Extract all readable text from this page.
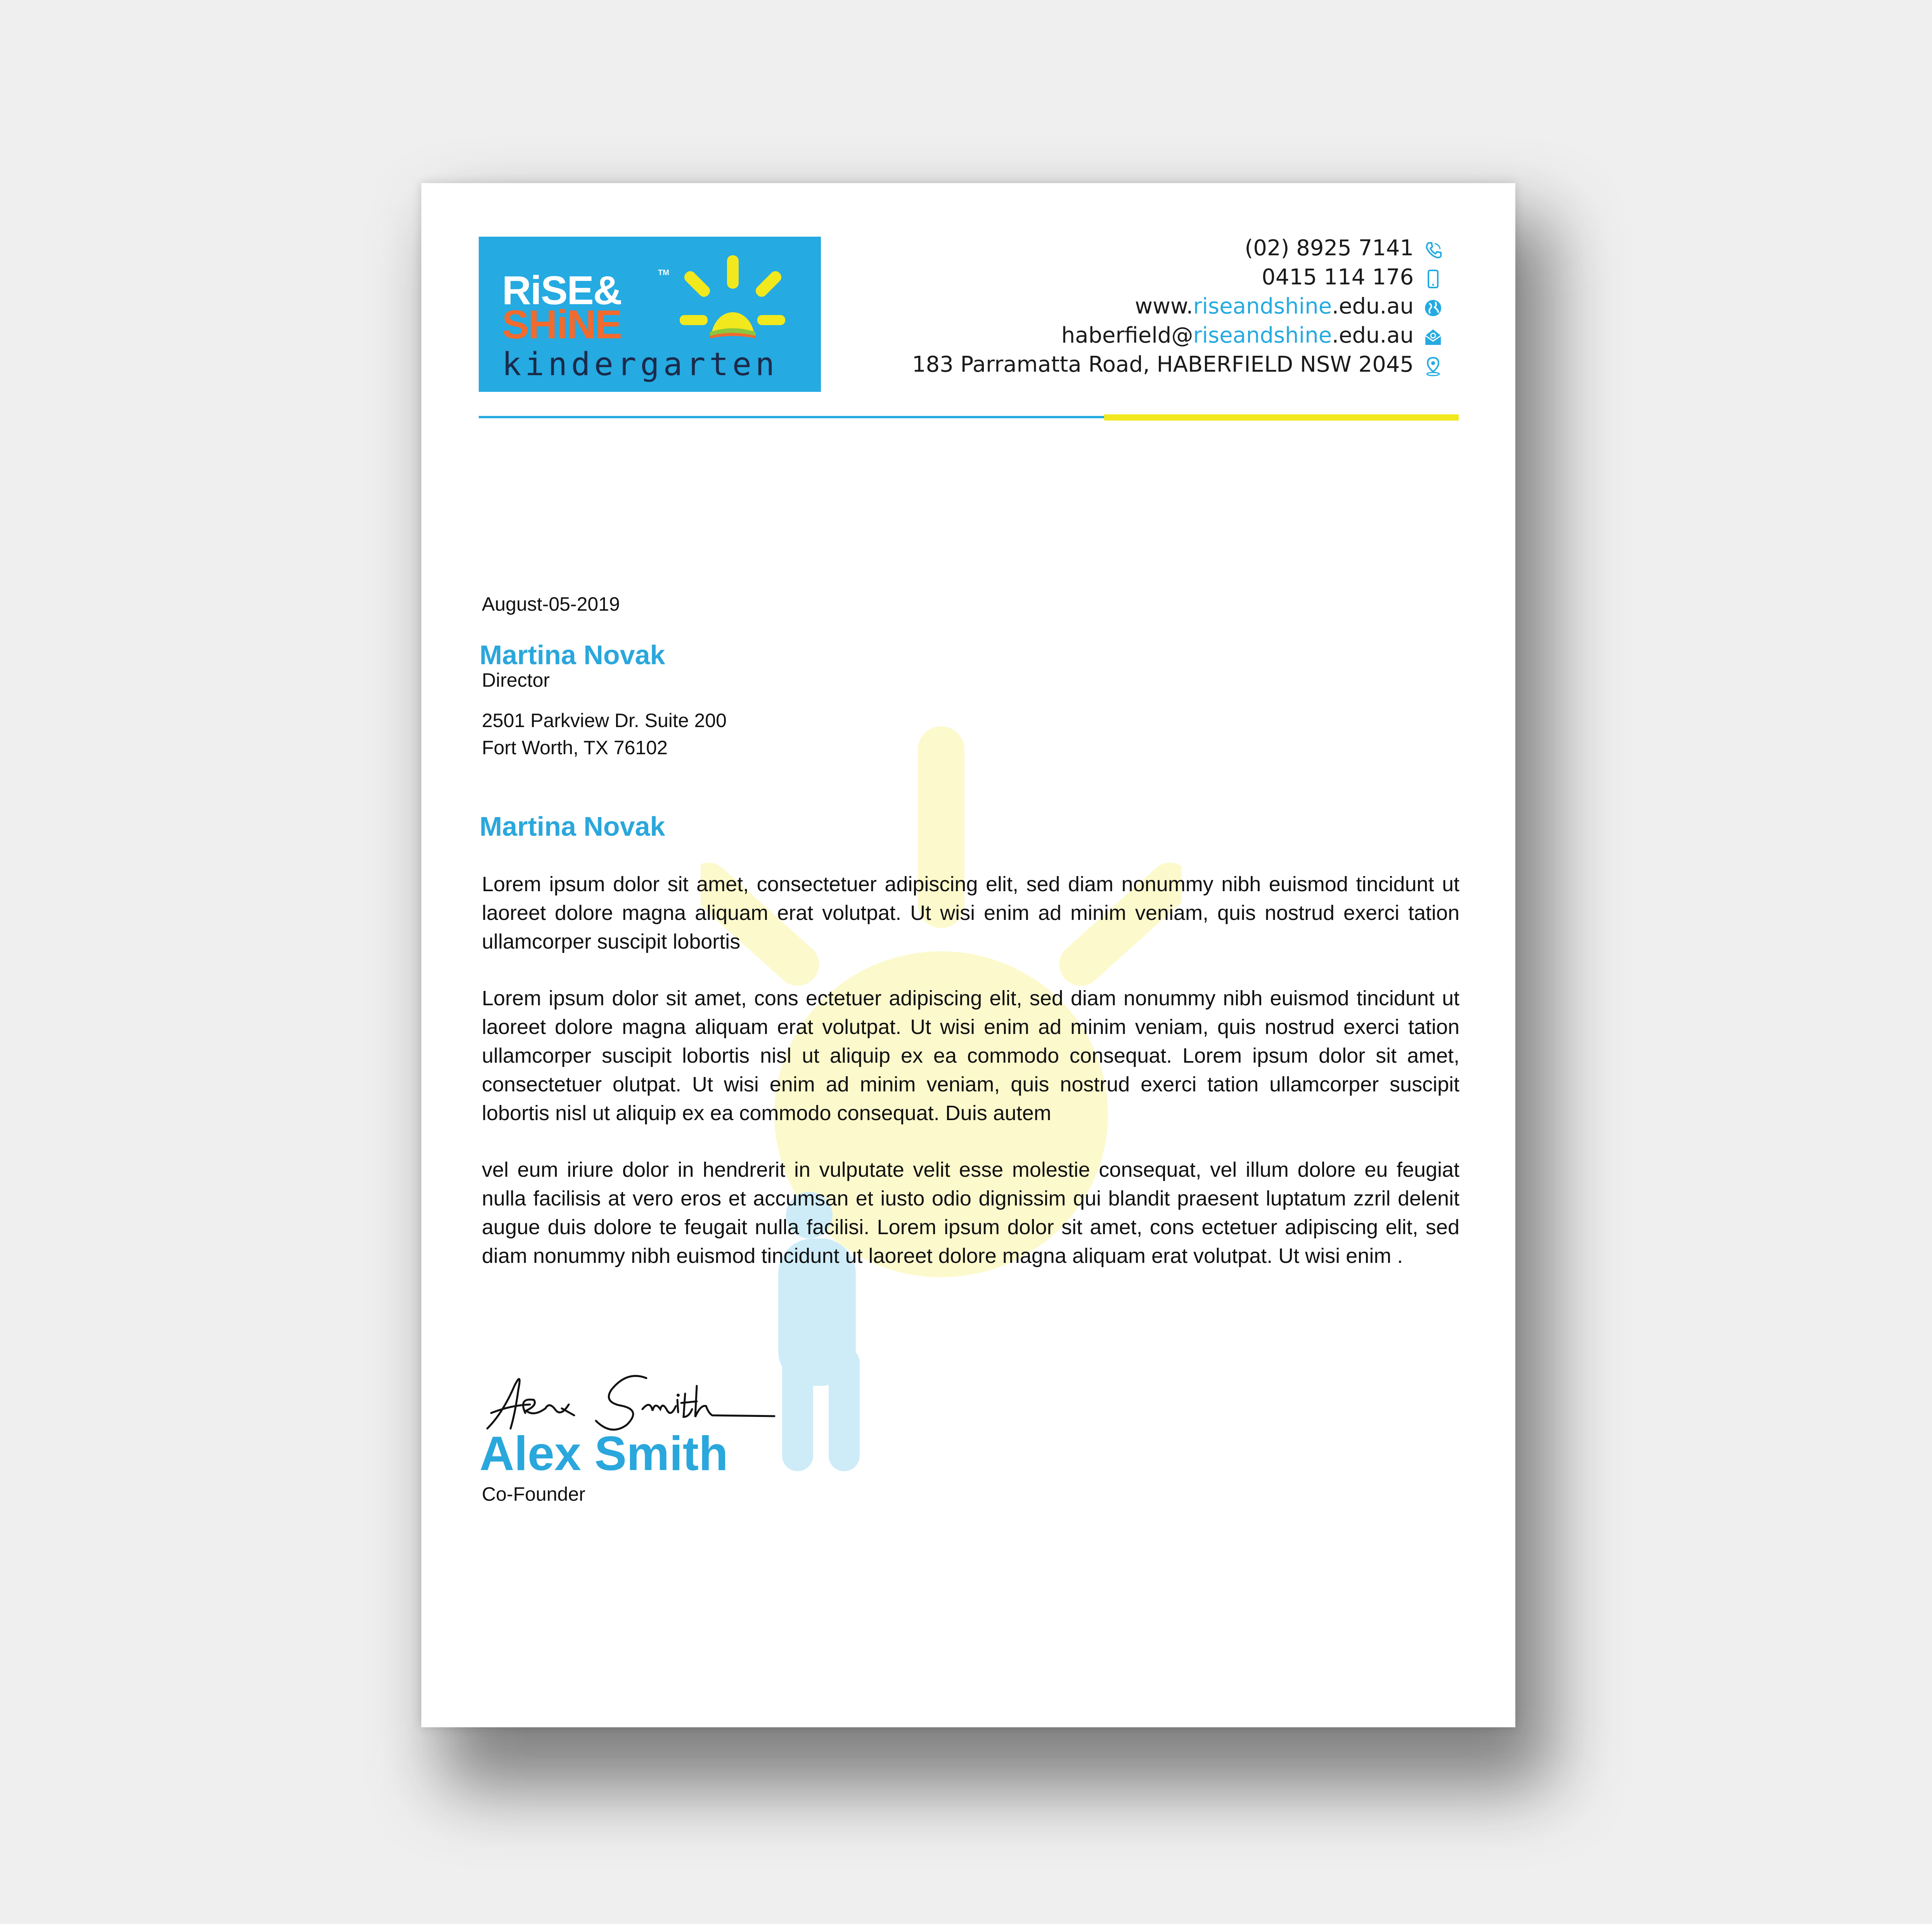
RiSE&	TM
SHiNE
kindergarten
(02) 8925 7141
0415 114 176
www.riseandshine.edu.au
haberfield@riseandshine.edu.au
183 Parramatta Road, HABERFIELD NSW 2045
August-05-2019
Martina Novak
Director
2501 Parkview Dr. Suite 200
Fort Worth, TX 76102
Martina Novak
Lorem ipsum dolor sit amet, consectetuer adipiscing elit, sed diam nonummy nibh euismod tincidunt ut laoreet dolore magna aliquam erat volutpat. Ut wisi enim ad minim veniam, quis nostrud exerci tation ullamcorper suscipit lobortis
Lorem ipsum dolor sit amet, cons ectetuer adipiscing elit, sed diam nonummy nibh euismod tincidunt ut laoreet dolore magna aliquam erat volutpat. Ut wisi enim ad minim veniam, quis nostrud exerci tation ullamcorper suscipit lobortis nisl ut aliquip ex ea commodo consequat. Lorem ipsum dolor sit amet, consectetuer olutpat. Ut wisi enim ad minim veniam, quis nostrud exerci tation ullamcorper suscipit lobortis nisl ut aliquip ex ea commodo consequat. Duis autem
vel eum iriure dolor in hendrerit in vulputate velit esse molestie consequat, vel illum dolore eu feugiat nulla facilisis at vero eros et accumsan et iusto odio dignissim qui blandit praesent luptatum zzril delenit augue duis dolore te feugait nulla facilisi. Lorem ipsum dolor sit amet, cons ectetuer adipiscing elit, sed diam nonummy nibh euismod tincidunt ut laoreet dolore magna aliquam erat volutpat. Ut wisi enim .
Alex Smith
Co-Founder
